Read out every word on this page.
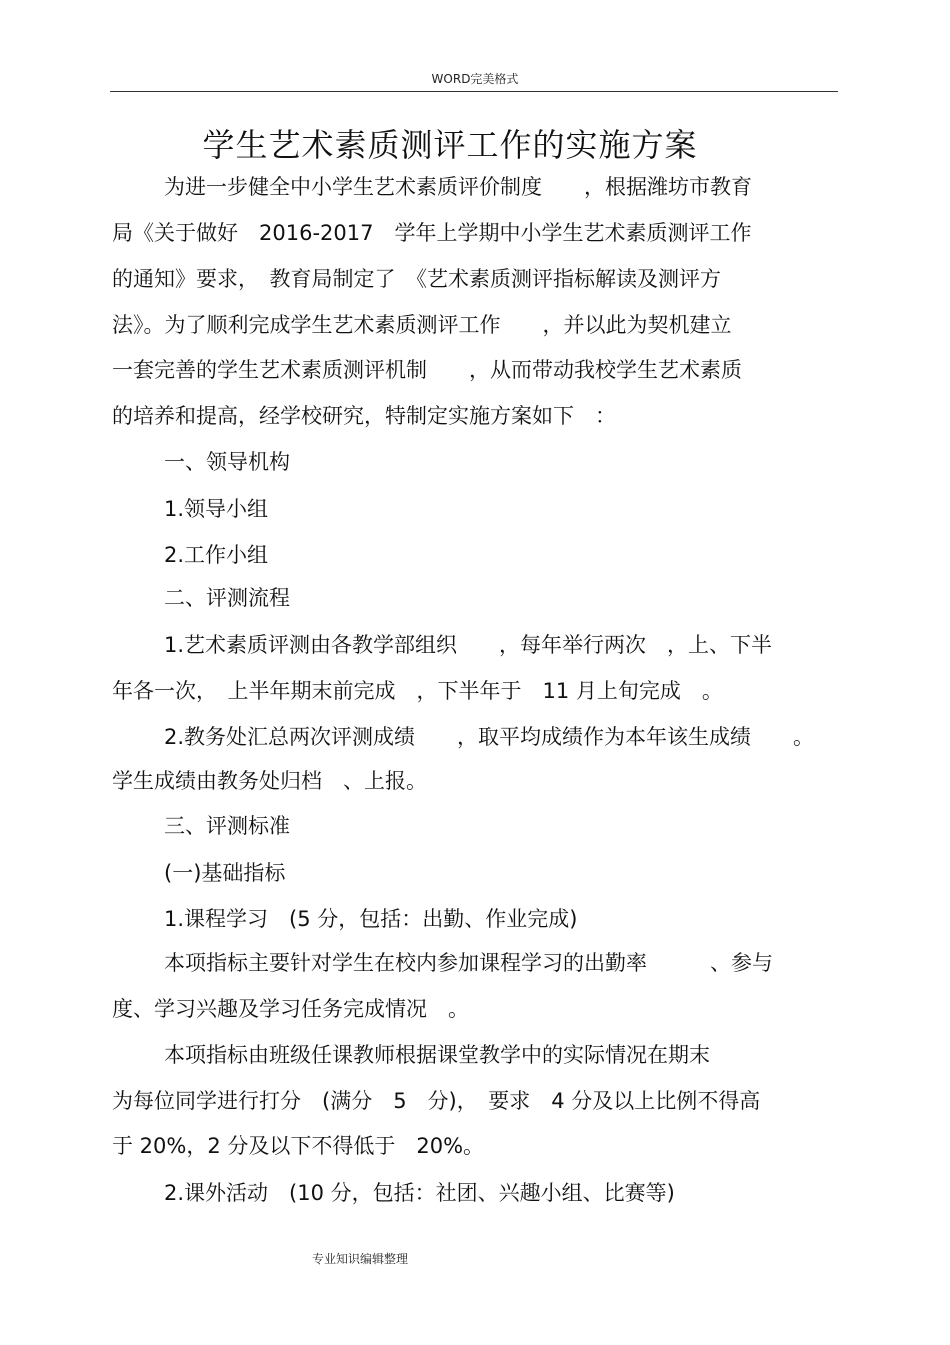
WORD完美格式
学生艺术素质测评工作的实施方案
为进一步健全中小学生艺术素质评价制度　　，根据潍坊市教育
局《关于做好　2016-2017　学年上学期中小学生艺术素质测评工作
的通知》要求，　教育局制定了　《艺术素质测评指标解读及测评方
法》。为了顺利完成学生艺术素质测评工作　　，并以此为契机建立
一套完善的学生艺术素质测评机制　　，从而带动我校学生艺术素质
的培养和提高，经学校研究，特制定实施方案如下　：
一、领导机构
1.领导小组
2.工作小组
二、评测流程
1.艺术素质评测由各教学部组织　　，每年举行两次　，上、下半
年各一次，　上半年期末前完成　，下半年于　11 月上旬完成　。
2.教务处汇总两次评测成绩　　，取平均成绩作为本年该生成绩　　。
学生成绩由教务处归档　、上报。
三、评测标准
(一)基础指标
1.课程学习　(5 分，包括：出勤、作业完成)
本项指标主要针对学生在校内参加课程学习的出勤率　　　、参与
度、学习兴趣及学习任务完成情况　。
本项指标由班级任课教师根据课堂教学中的实际情况在期末
为每位同学进行打分　(满分　5　分)，　要求　4 分及以上比例不得高
于 20%，2 分及以下不得低于　20%。
2.课外活动　(10 分，包括：社团、兴趣小组、比赛等)
专业知识编辑整理
